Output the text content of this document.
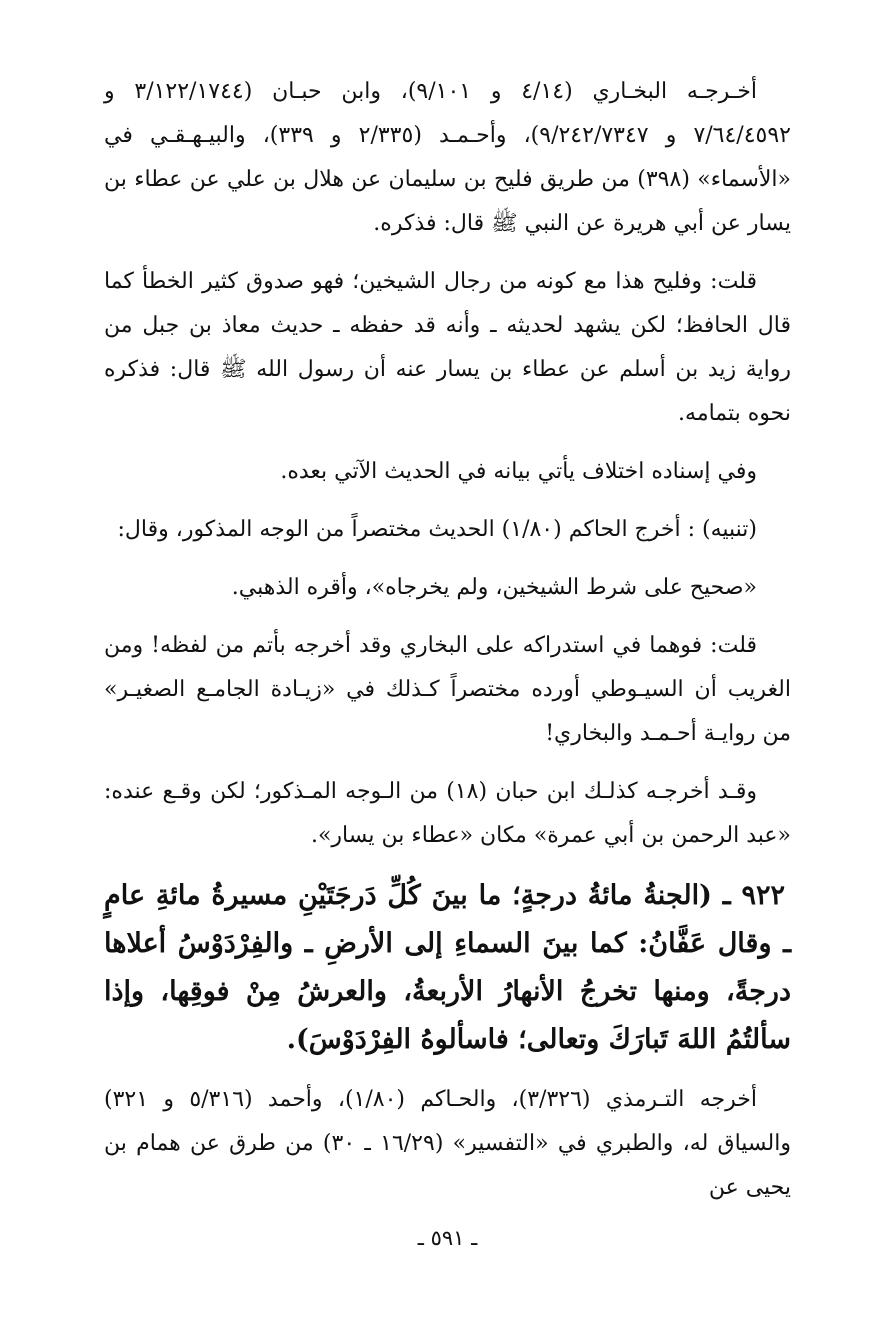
أخـرجـه البخـاري (٤/١٤ و ٩/١٠١)، وابن حبـان (٣/١٢٢/١٧٤٤ و ٧/٦٤/٤٥٩٢ و ٩/٢٤٢/٧٣٤٧)، وأحـمـد (٢/٣٣٥ و ٣٣٩)، والبيـهـقـي في «الأسماء» (٣٩٨) من طريق فليح بن سليمان عن هلال بن علي عن عطاء بن يسار عن أبي هريرة عن النبي ﷺ قال: فذكره.

قلت: وفليح هذا مع كونه من رجال الشيخين؛ فهو صدوق كثير الخطأ كما قال الحافظ؛ لكن يشهد لحديثه ـ وأنه قد حفظه ـ حديث معاذ بن جبل من رواية زيد بن أسلم عن عطاء بن يسار عنه أن رسول الله ﷺ قال: فذكره نحوه بتمامه.

وفي إسناده اختلاف يأتي بيانه في الحديث الآتي بعده.

(تنبيه) : أخرج الحاكم (١/٨٠) الحديث مختصراً من الوجه المذكور، وقال:

«صحيح على شرط الشيخين، ولم يخرجاه»، وأقره الذهبي.

قلت: فوهما في استدراكه على البخاري وقد أخرجه بأتم من لفظه! ومن الغريب أن السيـوطي أورده مختصراً كـذلك في «زيـادة الجامـع الصغيـر» من روايـة أحـمـد والبخاري!

وقـد أخرجـه كذلـك ابن حبان (١٨) من الـوجه المـذكور؛ لكن وقـع عنده: «عبد الرحمن بن أبي عمرة» مكان «عطاء بن يسار».

٩٢٢ ـ (الجنةُ مائةُ درجةٍ؛ ما بينَ كُلِّ دَرجَتَيْنِ مسيرةُ مائةِ عامٍ ـ وقال عَفَّانُ: كما بينَ السماءِ إلى الأرضِ ـ والفِرْدَوْسُ أعلاها درجةً، ومنها تخرجُ الأنهارُ الأربعةُ، والعرشُ مِنْ فوقِها، وإذا سألتُمُ اللهَ تَبارَكَ وتعالى؛ فاسألوهُ الفِرْدَوْسَ).

أخرجه التـرمذي (٣/٣٢٦)، والحـاكم (١/٨٠)، وأحمد (٥/٣١٦ و ٣٢١) والسياق له، والطبري في «التفسير» (١٦/٢٩ ـ ٣٠) من طرق عن همام بن يحيى عن

ـ ٥٩١ ـ
